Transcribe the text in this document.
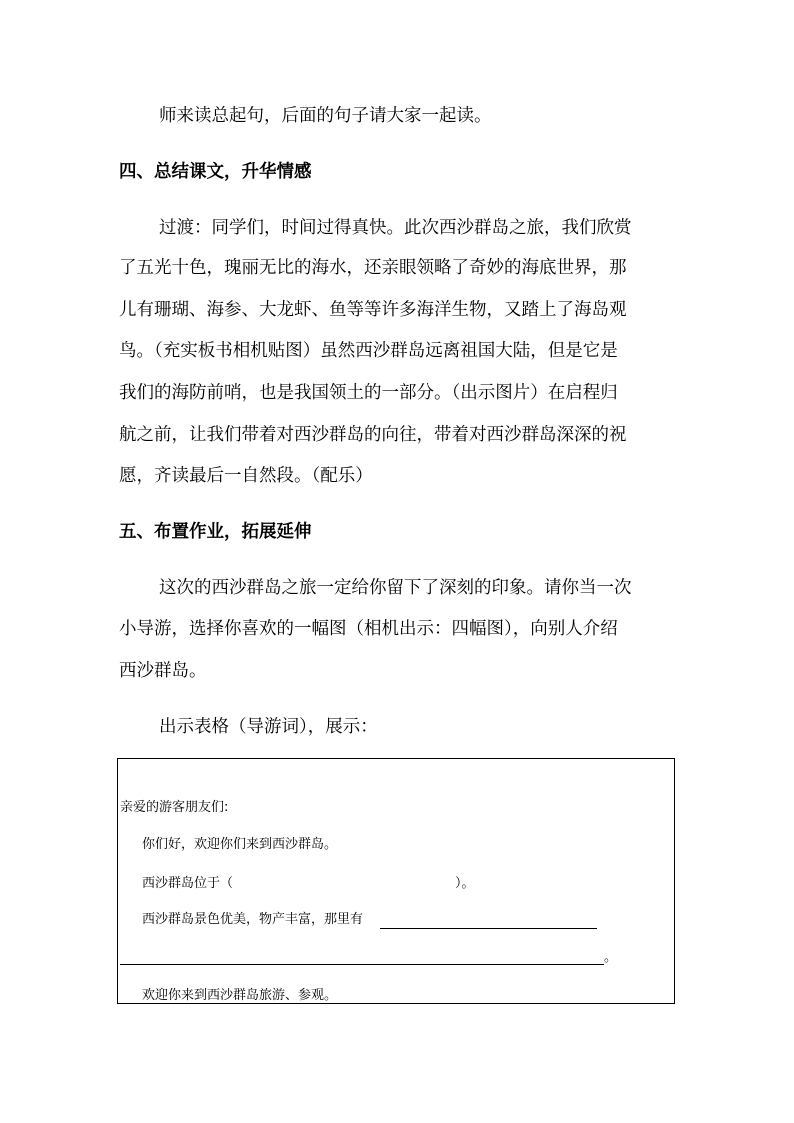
师来读总起句，后面的句子请大家一起读。
四、总结课文，升华情感
过渡：同学们，时间过得真快。此次西沙群岛之旅，我们欣赏
了五光十色，瑰丽无比的海水，还亲眼领略了奇妙的海底世界，那
儿有珊瑚、海参、大龙虾、鱼等等许多海洋生物，又踏上了海岛观
鸟。（充实板书相机贴图）虽然西沙群岛远离祖国大陆，但是它是
我们的海防前哨，也是我国领土的一部分。（出示图片）在启程归
航之前，让我们带着对西沙群岛的向往，带着对西沙群岛深深的祝
愿，齐读最后一自然段。（配乐）
五、布置作业，拓展延伸
这次的西沙群岛之旅一定给你留下了深刻的印象。请你当一次
小导游，选择你喜欢的一幅图（相机出示：四幅图），向别人介绍
西沙群岛。
出示表格（导游词），展示：
亲爱的游客朋友们:
你们好，欢迎你们来到西沙群岛。
西沙群岛位于（	）。
西沙群岛景色优美，物产丰富，那里有
。
欢迎你来到西沙群岛旅游、参观。
